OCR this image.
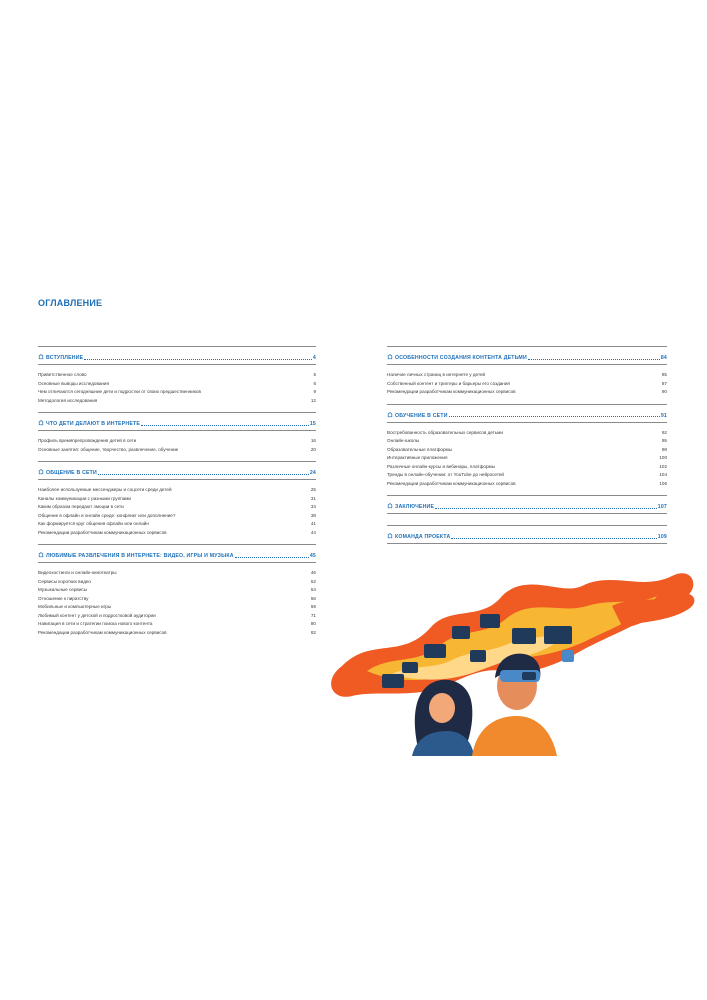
ОГЛАВЛЕНИЕ
ВСТУПЛЕНИЕ	4
Приветственное слово	5
Основные выводы исследования	6
Чем отличаются сегодняшние дети и подростки от своих предшественников	9
Методология исследования	12
ЧТО ДЕТИ ДЕЛАЮТ В ИНТЕРНЕТЕ	15
Профиль времяпрепровождения детей в сети	16
Основные занятия: общение, творчество, развлечение, обучение	20
ОБЩЕНИЕ В СЕТИ	24
Наиболее используемые мессенджеры и соцсети среди детей	25
Каналы коммуникации с разными группами	31
Каким образом передают эмоции в сети	34
Общение в офлайн и онлайн среде: конфликт или дополнение?	38
Как формируется круг общения офлайн или онлайн	41
Рекомендации разработчикам коммуникационных сервисов	44
ЛЮБИМЫЕ РАЗВЛЕЧЕНИЯ В ИНТЕРНЕТЕ: ВИДЕО, ИГРЫ И МУЗЫКА	45
Видеохостинги и онлайн-кинотеатры	46
Сервисы коротких видео	52
Музыкальные сервисы	54
Отношение к пиратству	56
Мобильные и компьютерные игры	59
Любимый контент у детской и подростковой аудитории	71
Навигация в сети и стратегии поиска нового контента	80
Рекомендации разработчикам коммуникационных сервисов	82
ОСОБЕННОСТИ СОЗДАНИЯ КОНТЕНТА ДЕТЬМИ	84
Наличие личных страниц в интернете у детей	85
Собственный контент и триггеры и барьеры его создания	87
Рекомендации разработчикам коммуникационных сервисов	90
ОБУЧЕНИЕ В СЕТИ	91
Востребованность образовательных сервисов детьми	92
Онлайн-школы	95
Образовательные платформы	98
Интерактивные приложения	100
Различные онлайн-курсы и вебинары, платформы	102
Тренды в онлайн-обучении: от YouTube до нейросетей	104
Рекомендации разработчикам коммуникационных сервисов	106
ЗАКЛЮЧЕНИЕ	107
КОМАНДА ПРОЕКТА	109
